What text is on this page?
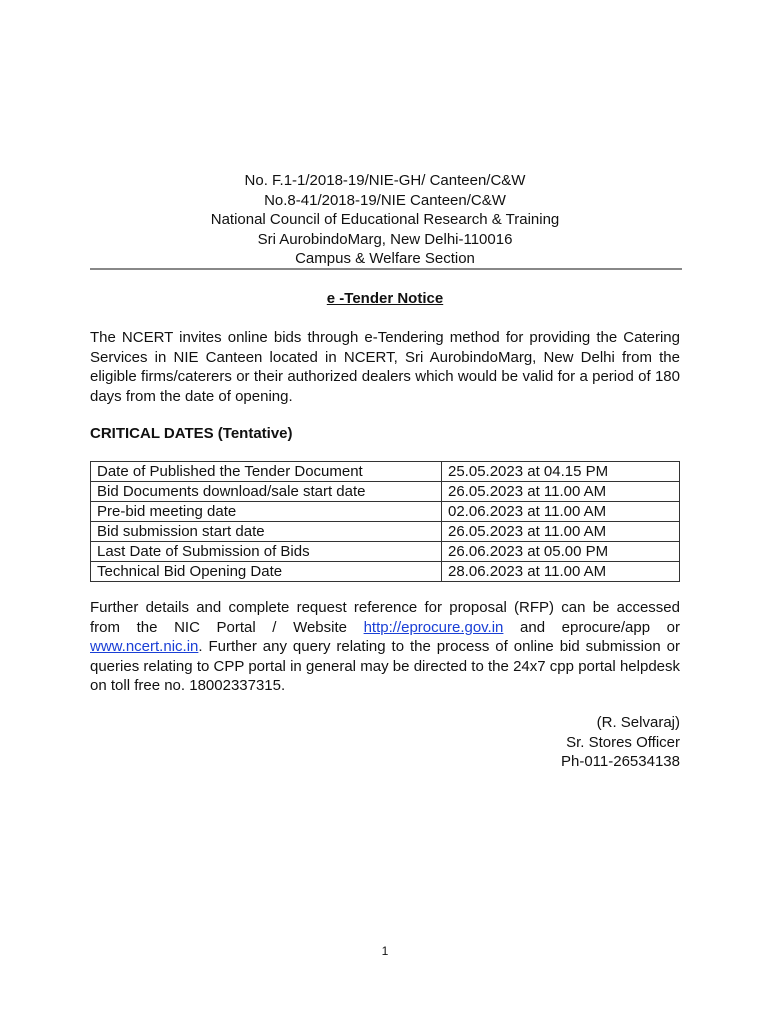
No. F.1-1/2018-19/NIE-GH/ Canteen/C&W
No.8-41/2018-19/NIE Canteen/C&W
National Council of Educational Research & Training
Sri AurobindoMarg, New Delhi-110016
Campus & Welfare Section
e -Tender Notice
The NCERT invites online bids through e-Tendering method for providing the Catering Services in NIE Canteen located in NCERT, Sri AurobindoMarg, New Delhi from the eligible firms/caterers or their authorized dealers which would be valid for a period of 180 days from the date of opening.
CRITICAL DATES (Tentative)
Date of Published the Tender Document	25.05.2023 at 04.15 PM
Bid Documents download/sale start date	26.05.2023 at 11.00 AM
Pre-bid meeting date	02.06.2023 at 11.00 AM
Bid submission start date	26.05.2023 at 11.00 AM
Last Date of Submission of Bids	26.06.2023 at 05.00 PM
Technical Bid Opening Date	28.06.2023 at 11.00 AM
Further details and complete request reference for proposal (RFP) can be accessed from the NIC Portal / Website http://eprocure.gov.in and eprocure/app or www.ncert.nic.in. Further any query relating to the process of online bid submission or queries relating to CPP portal in general may be directed to the 24x7 cpp portal helpdesk on toll free no. 18002337315.
(R. Selvaraj)
Sr. Stores Officer
Ph-011-26534138
1
